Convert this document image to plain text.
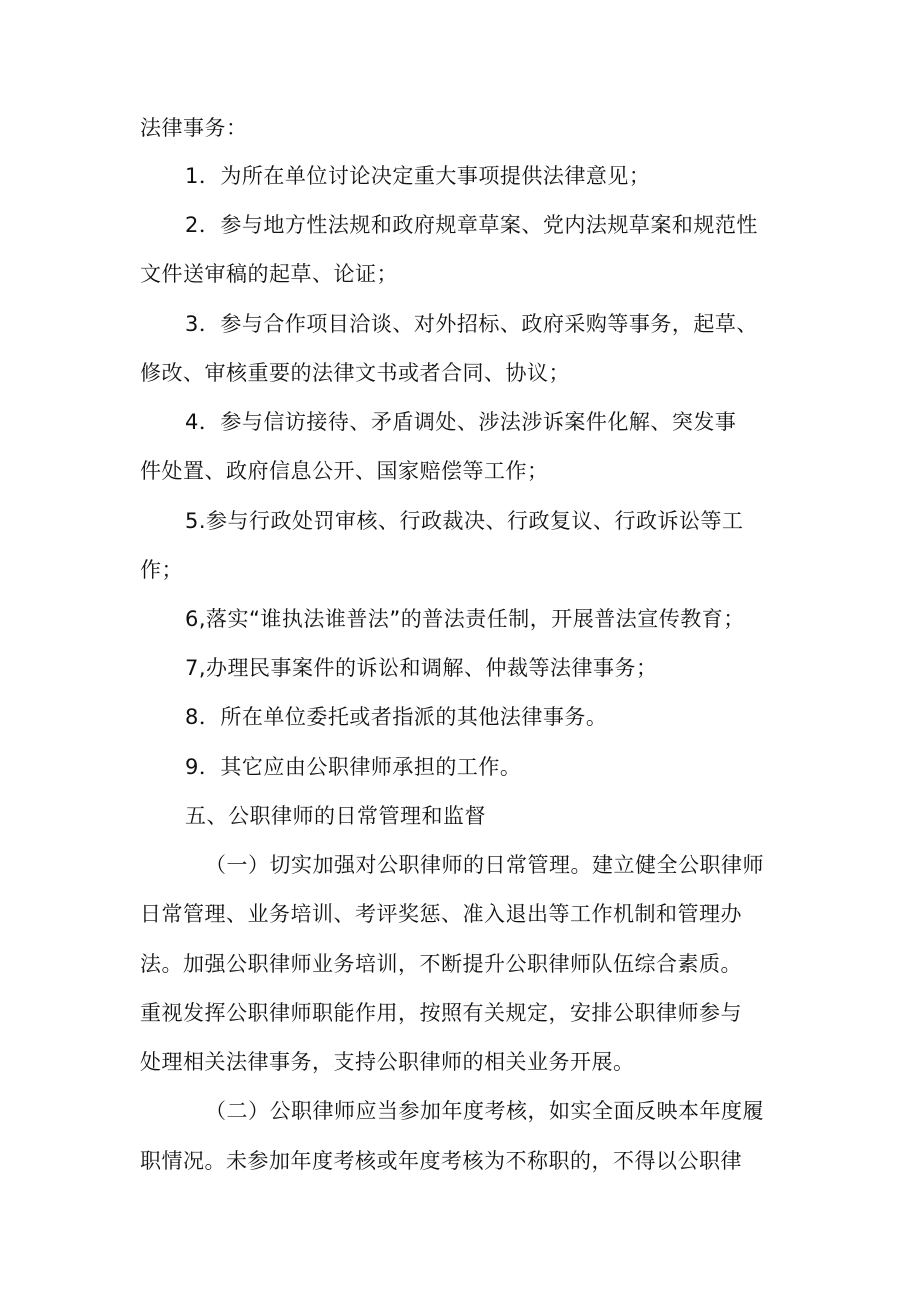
法律事务：
1．为所在单位讨论决定重大事项提供法律意见；
2．参与地方性法规和政府规章草案、党内法规草案和规范性
文件送审稿的起草、论证；
3．参与合作项目洽谈、对外招标、政府采购等事务，起草、
修改、审核重要的法律文书或者合同、协议；
4．参与信访接待、矛盾调处、涉法涉诉案件化解、突发事
件处置、政府信息公开、国家赔偿等工作；
5.参与行政处罚审核、行政裁决、行政复议、行政诉讼等工
作；
6,落实“谁执法谁普法”的普法责任制，开展普法宣传教育；
7,办理民事案件的诉讼和调解、仲裁等法律事务；
8．所在单位委托或者指派的其他法律事务。
9．其它应由公职律师承担的工作。
五、公职律师的日常管理和监督
（一）切实加强对公职律师的日常管理。建立健全公职律师
日常管理、业务培训、考评奖惩、准入退出等工作机制和管理办
法。加强公职律师业务培训，不断提升公职律师队伍综合素质。
重视发挥公职律师职能作用，按照有关规定，安排公职律师参与
处理相关法律事务，支持公职律师的相关业务开展。
（二）公职律师应当参加年度考核，如实全面反映本年度履
职情况。未参加年度考核或年度考核为不称职的，不得以公职律
